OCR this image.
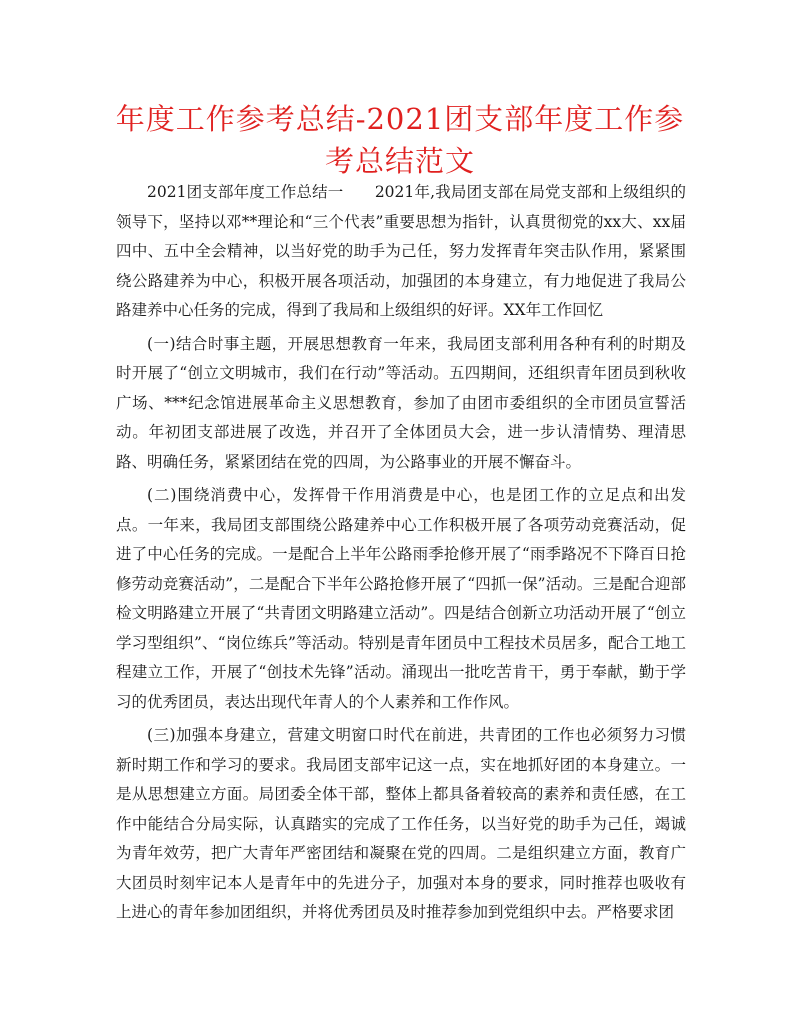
年度工作参考总结-2021团支部年度工作参考总结范文

2021团支部年度工作总结一　　2021年,我局团支部在局党支部和上级组织的领导下，坚持以邓**理论和“三个代表”重要思想为指针，认真贯彻党的xx大、xx届四中、五中全会精神，以当好党的助手为己任，努力发挥青年突击队作用，紧紧围绕公路建养为中心，积极开展各项活动，加强团的本身建立，有力地促进了我局公路建养中心任务的完成，得到了我局和上级组织的好评。XX年工作回忆

(一)结合时事主题，开展思想教育一年来，我局团支部利用各种有利的时期及时开展了“创立文明城市，我们在行动”等活动。五四期间，还组织青年团员到秋收广场、***纪念馆进展革命主义思想教育，参加了由团市委组织的全市团员宣誓活动。年初团支部进展了改选，并召开了全体团员大会，进一步认清情势、理清思路、明确任务，紧紧团结在党的四周，为公路事业的开展不懈奋斗。

(二)围绕消费中心，发挥骨干作用消费是中心，也是团工作的立足点和出发点。一年来，我局团支部围绕公路建养中心工作积极开展了各项劳动竞赛活动，促进了中心任务的完成。一是配合上半年公路雨季抢修开展了“雨季路况不下降百日抢修劳动竞赛活动”，二是配合下半年公路抢修开展了“四抓一保”活动。三是配合迎部检文明路建立开展了“共青团文明路建立活动”。四是结合创新立功活动开展了“创立学习型组织”、“岗位练兵”等活动。特别是青年团员中工程技术员居多，配合工地工程建立工作，开展了“创技术先锋”活动。涌现出一批吃苦肯干，勇于奉献，勤于学习的优秀团员，表达出现代年青人的个人素养和工作作风。

(三)加强本身建立，营建文明窗口时代在前进，共青团的工作也必须努力习惯新时期工作和学习的要求。我局团支部牢记这一点，实在地抓好团的本身建立。一是从思想建立方面。局团委全体干部，整体上都具备着较高的素养和责任感，在工作中能结合分局实际，认真踏实的完成了工作任务，以当好党的助手为己任，竭诚为青年效劳，把广大青年严密团结和凝聚在党的四周。二是组织建立方面，教育广大团员时刻牢记本人是青年中的先进分子，加强对本身的要求，同时推荐也吸收有上进心的青年参加团组织，并将优秀团员及时推荐参加到党组织中去。严格要求团
